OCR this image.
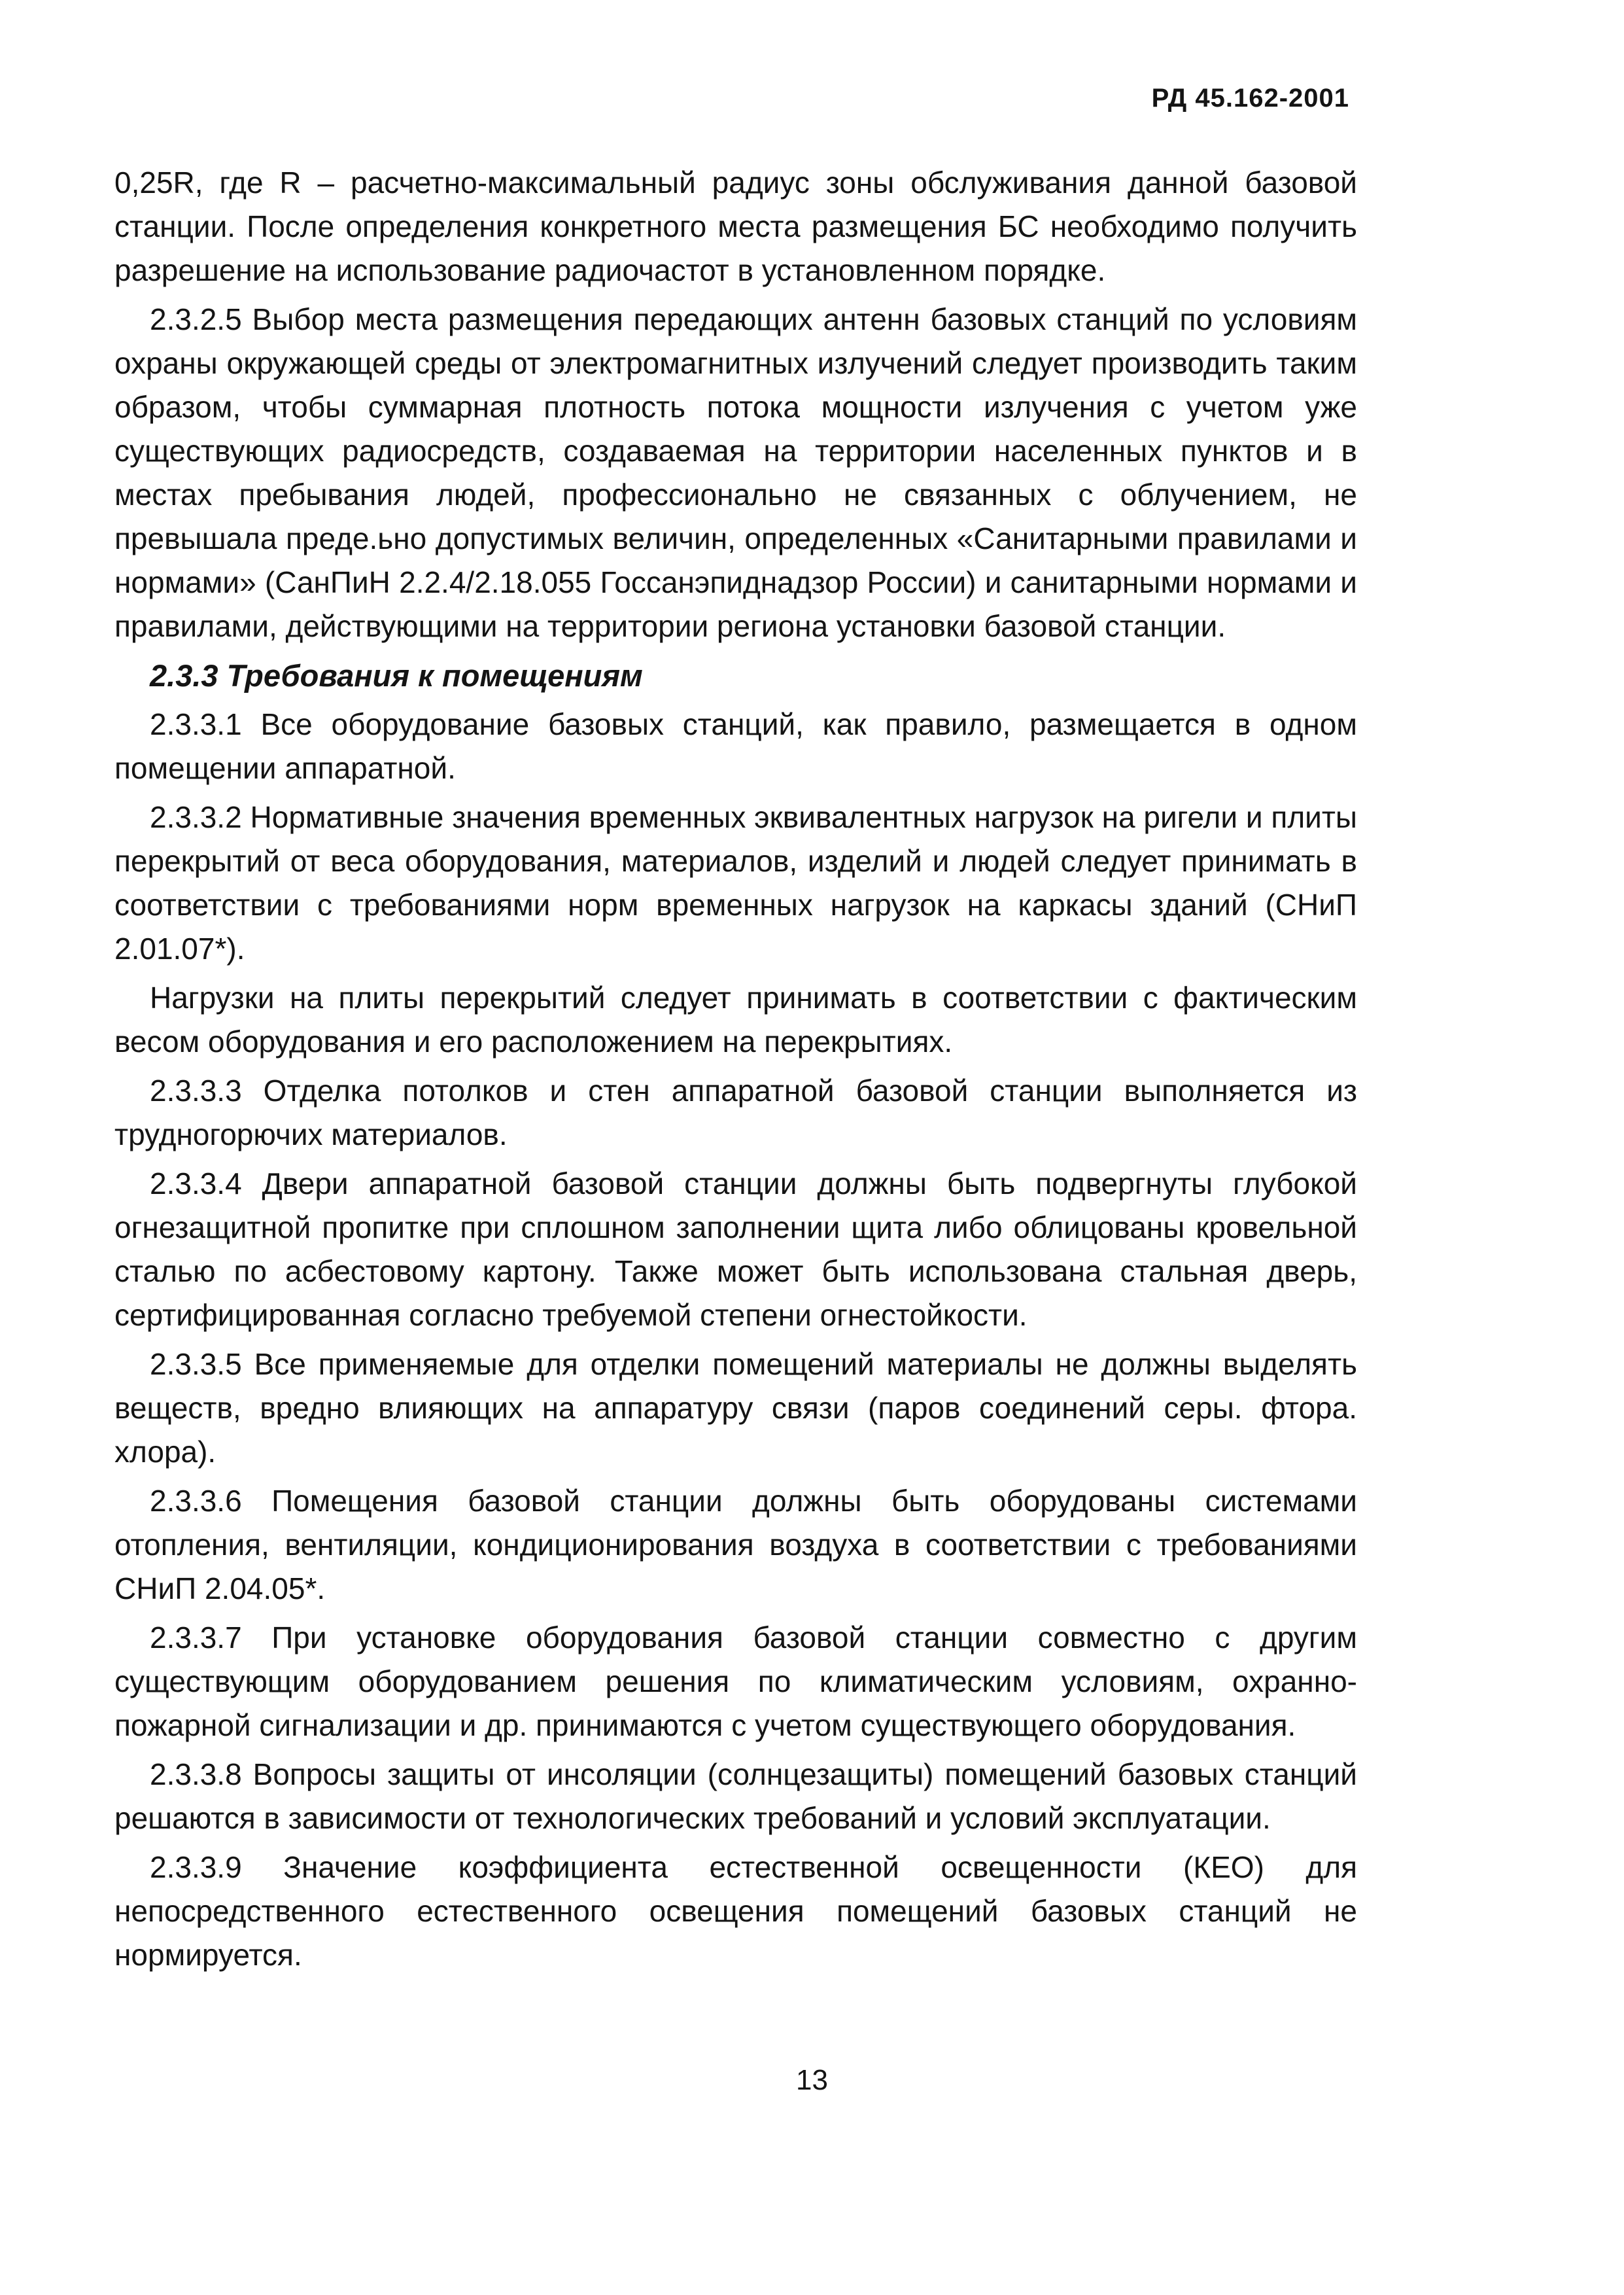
РД 45.162-2001

0,25R, где R – расчетно-максимальный радиус зоны обслуживания данной базовой станции. После определения конкретного места размещения БС необходимо получить разрешение на использование радиочастот в установленном порядке.

2.3.2.5 Выбор места размещения передающих антенн базовых станций по условиям охраны окружающей среды от электромагнитных излучений следует производить таким образом, чтобы суммарная плотность потока мощности излучения с учетом уже существующих радиосредств, создаваемая на территории населенных пунктов и в местах пребывания людей, профессионально не связанных с облучением, не превышала преде.ьно допустимых величин, определенных «Санитарными правилами и нормами» (СанПиН 2.2.4/2.18.055 Госсанэпиднадзор России) и санитарными нормами и правилами, действующими на территории региона установки базовой станции.

2.3.3 Требования к помещениям

2.3.3.1 Все оборудование базовых станций, как правило, размещается в одном помещении аппаратной.

2.3.3.2 Нормативные значения временных эквивалентных нагрузок на ригели и плиты перекрытий от веса оборудования, материалов, изделий и людей следует принимать в соответствии с требованиями норм временных нагрузок на каркасы зданий (СНиП 2.01.07*).

Нагрузки на плиты перекрытий следует принимать в соответствии с фактическим весом оборудования и его расположением на перекрытиях.

2.3.3.3 Отделка потолков и стен аппаратной базовой станции выполняется из трудногорючих материалов.

2.3.3.4 Двери аппаратной базовой станции должны быть подвергнуты глубокой огнезащитной пропитке при сплошном заполнении щита либо облицованы кровельной сталью по асбестовому картону. Также может быть использована стальная дверь, сертифицированная согласно требуемой степени огнестойкости.

2.3.3.5 Все применяемые для отделки помещений материалы не должны выделять веществ, вредно влияющих на аппаратуру связи (паров соединений серы. фтора. хлора).

2.3.3.6 Помещения базовой станции должны быть оборудованы системами отопления, вентиляции, кондиционирования воздуха в соответствии с требованиями СНиП 2.04.05*.

2.3.3.7 При установке оборудования базовой станции совместно с другим существующим оборудованием решения по климатическим условиям, охранно-пожарной сигнализации и др. принимаются с учетом существующего оборудования.

2.3.3.8 Вопросы защиты от инсоляции (солнцезащиты) помещений базовых станций решаются в зависимости от технологических требований и условий эксплуатации.

2.3.3.9 Значение коэффициента естественной освещенности (КЕО) для непосредственного естественного освещения помещений базовых станций не нормируется.

13
